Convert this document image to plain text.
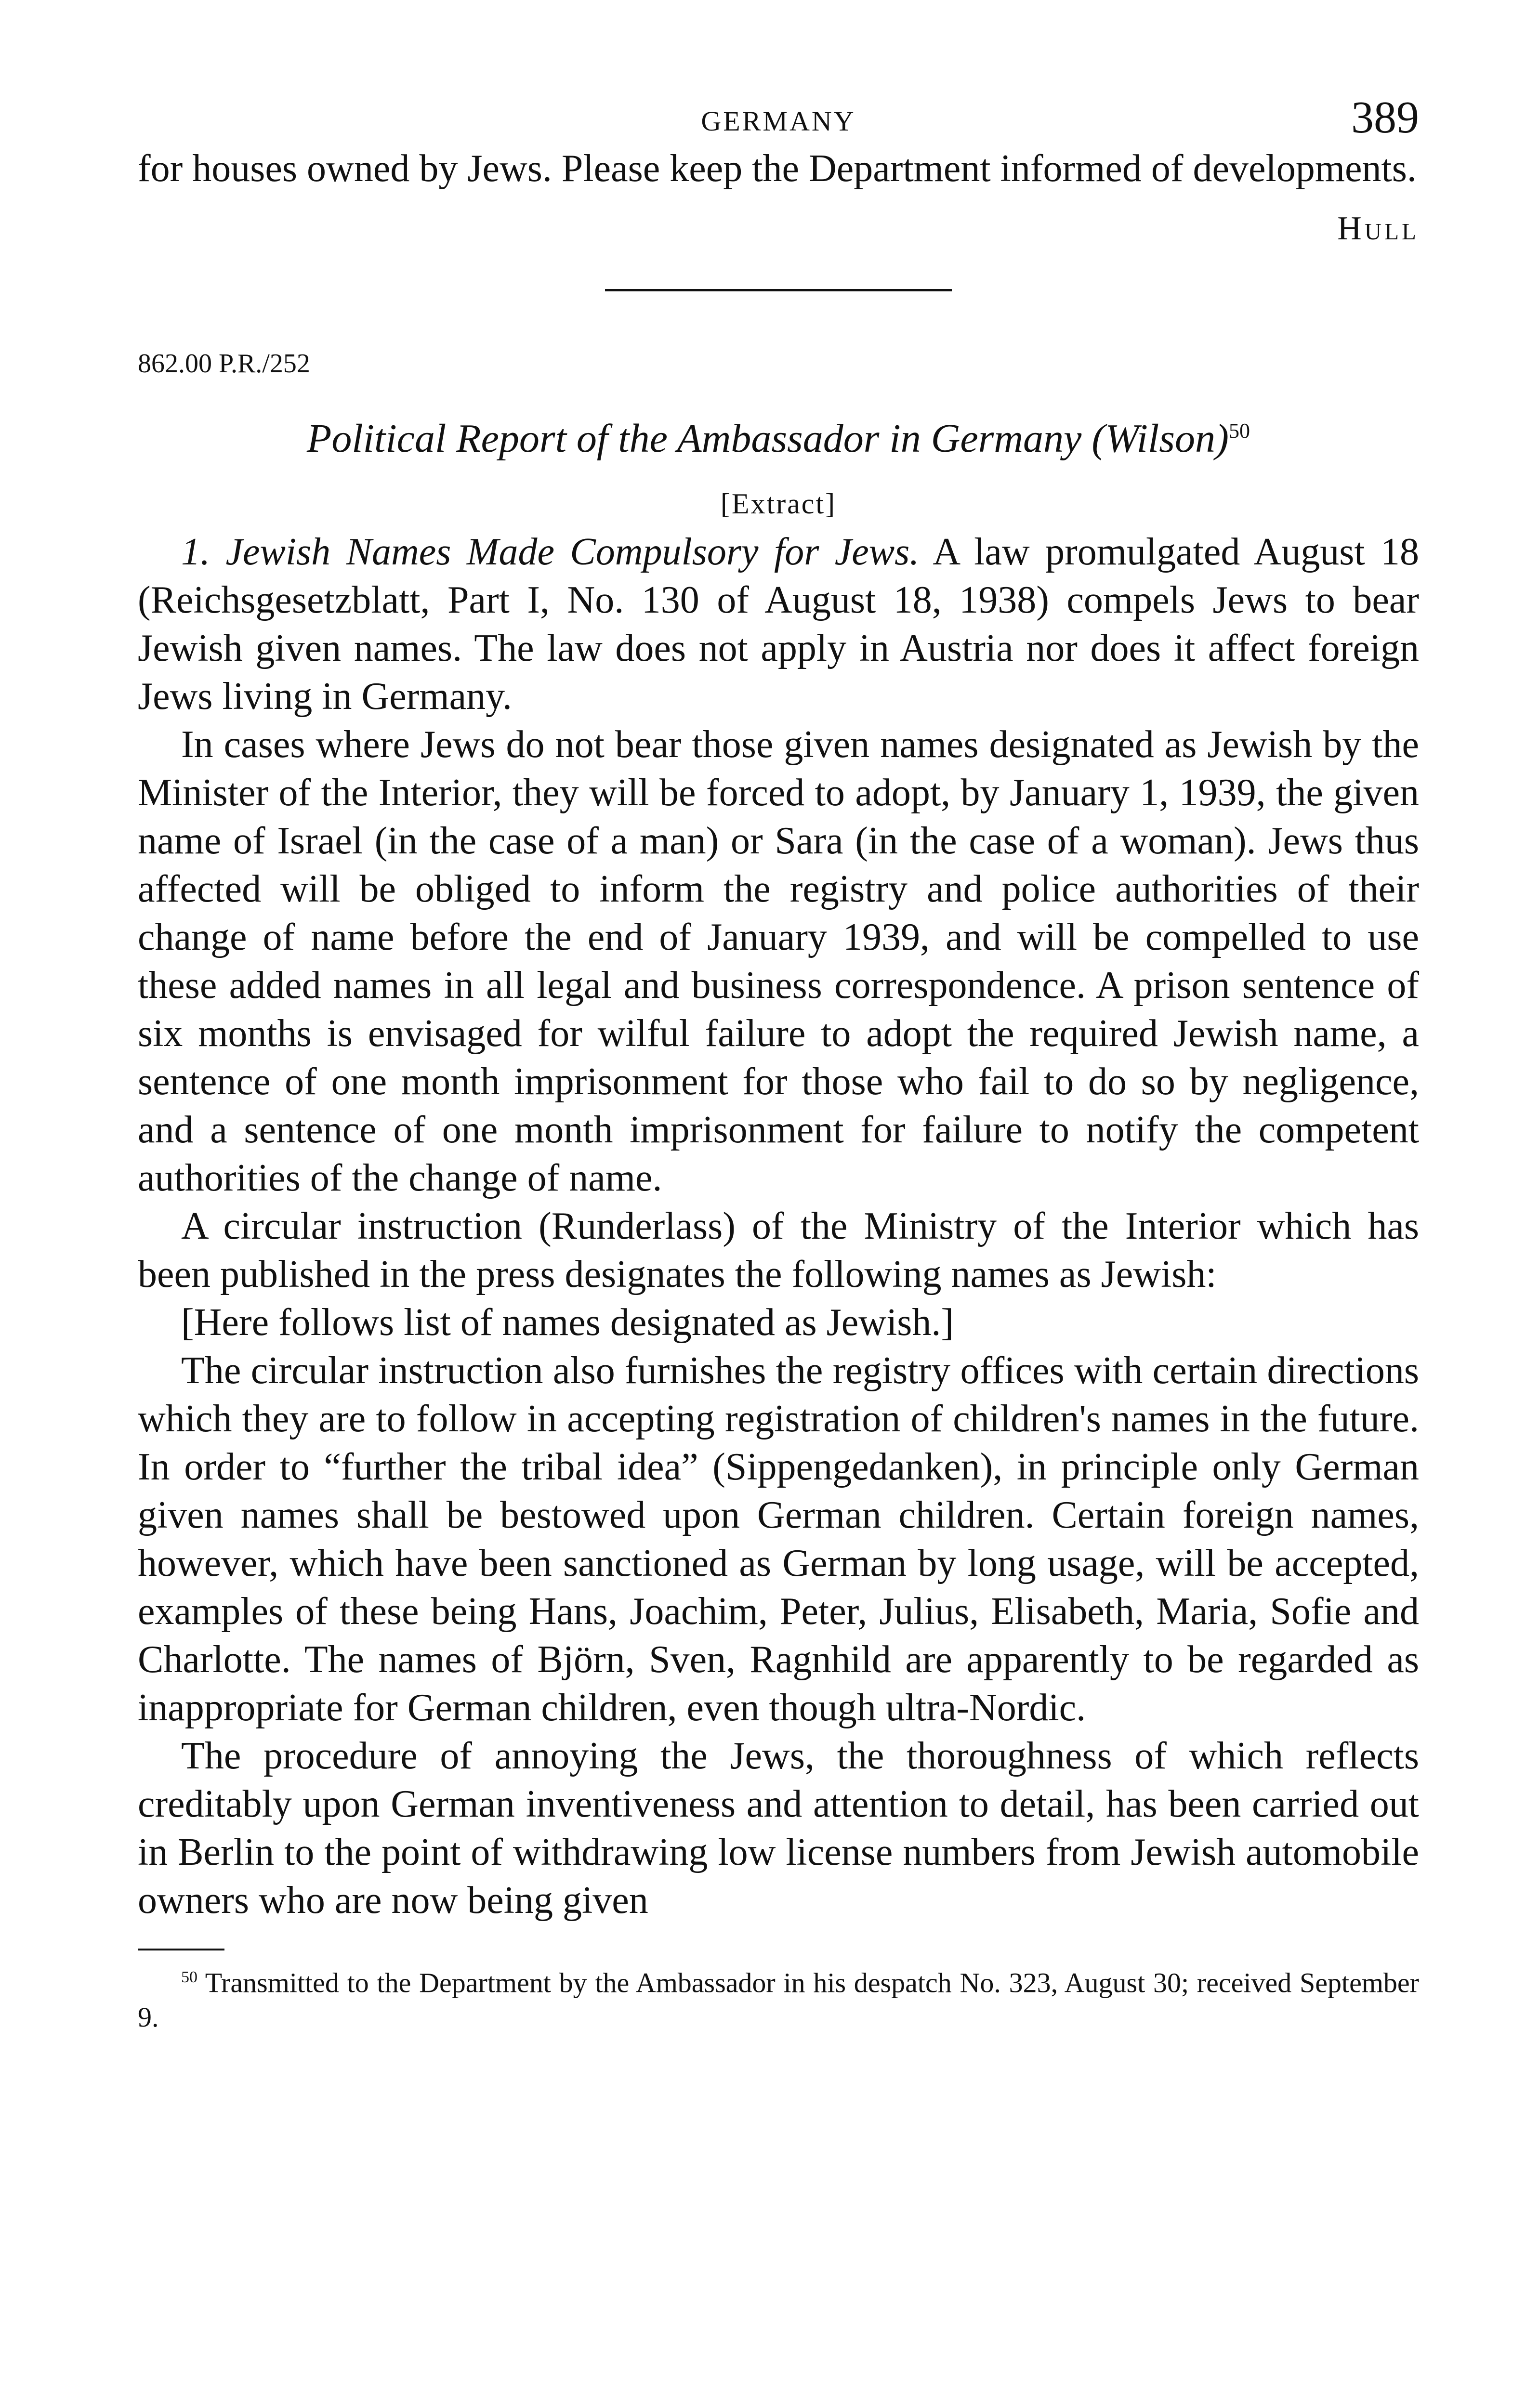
GERMANY	389

for houses owned by Jews. Please keep the Department informed of developments.

Hull
862.00 P.R./252
Political Report of the Ambassador in Germany (Wilson)$^{50}$
[Extract]

1. Jewish Names Made Compulsory for Jews. A law promulgated August 18 (Reichsgesetzblatt, Part I, No. 130 of August 18, 1938) compels Jews to bear Jewish given names. The law does not apply in Austria nor does it affect foreign Jews living in Germany.

In cases where Jews do not bear those given names designated as Jewish by the Minister of the Interior, they will be forced to adopt, by January 1, 1939, the given name of Israel (in the case of a man) or Sara (in the case of a woman). Jews thus affected will be obliged to inform the registry and police authorities of their change of name before the end of January 1939, and will be compelled to use these added names in all legal and business correspondence. A prison sentence of six months is envisaged for wilful failure to adopt the required Jewish name, a sentence of one month imprisonment for those who fail to do so by negligence, and a sentence of one month imprisonment for failure to notify the competent authorities of the change of name.

A circular instruction (Runderlass) of the Ministry of the Interior which has been published in the press designates the following names as Jewish:

[Here follows list of names designated as Jewish.]

The circular instruction also furnishes the registry offices with certain directions which they are to follow in accepting registration of children's names in the future. In order to “further the tribal idea” (Sippengedanken), in principle only German given names shall be bestowed upon German children. Certain foreign names, however, which have been sanctioned as German by long usage, will be accepted, examples of these being Hans, Joachim, Peter, Julius, Elisabeth, Maria, Sofie and Charlotte. The names of Björn, Sven, Ragnhild are apparently to be regarded as inappropriate for German children, even though ultra-Nordic.

The procedure of annoying the Jews, the thoroughness of which reflects creditably upon German inventiveness and attention to detail, has been carried out in Berlin to the point of withdrawing low license numbers from Jewish automobile owners who are now being given

$^{50}$ Transmitted to the Department by the Ambassador in his despatch No. 323, August 30; received September 9.
